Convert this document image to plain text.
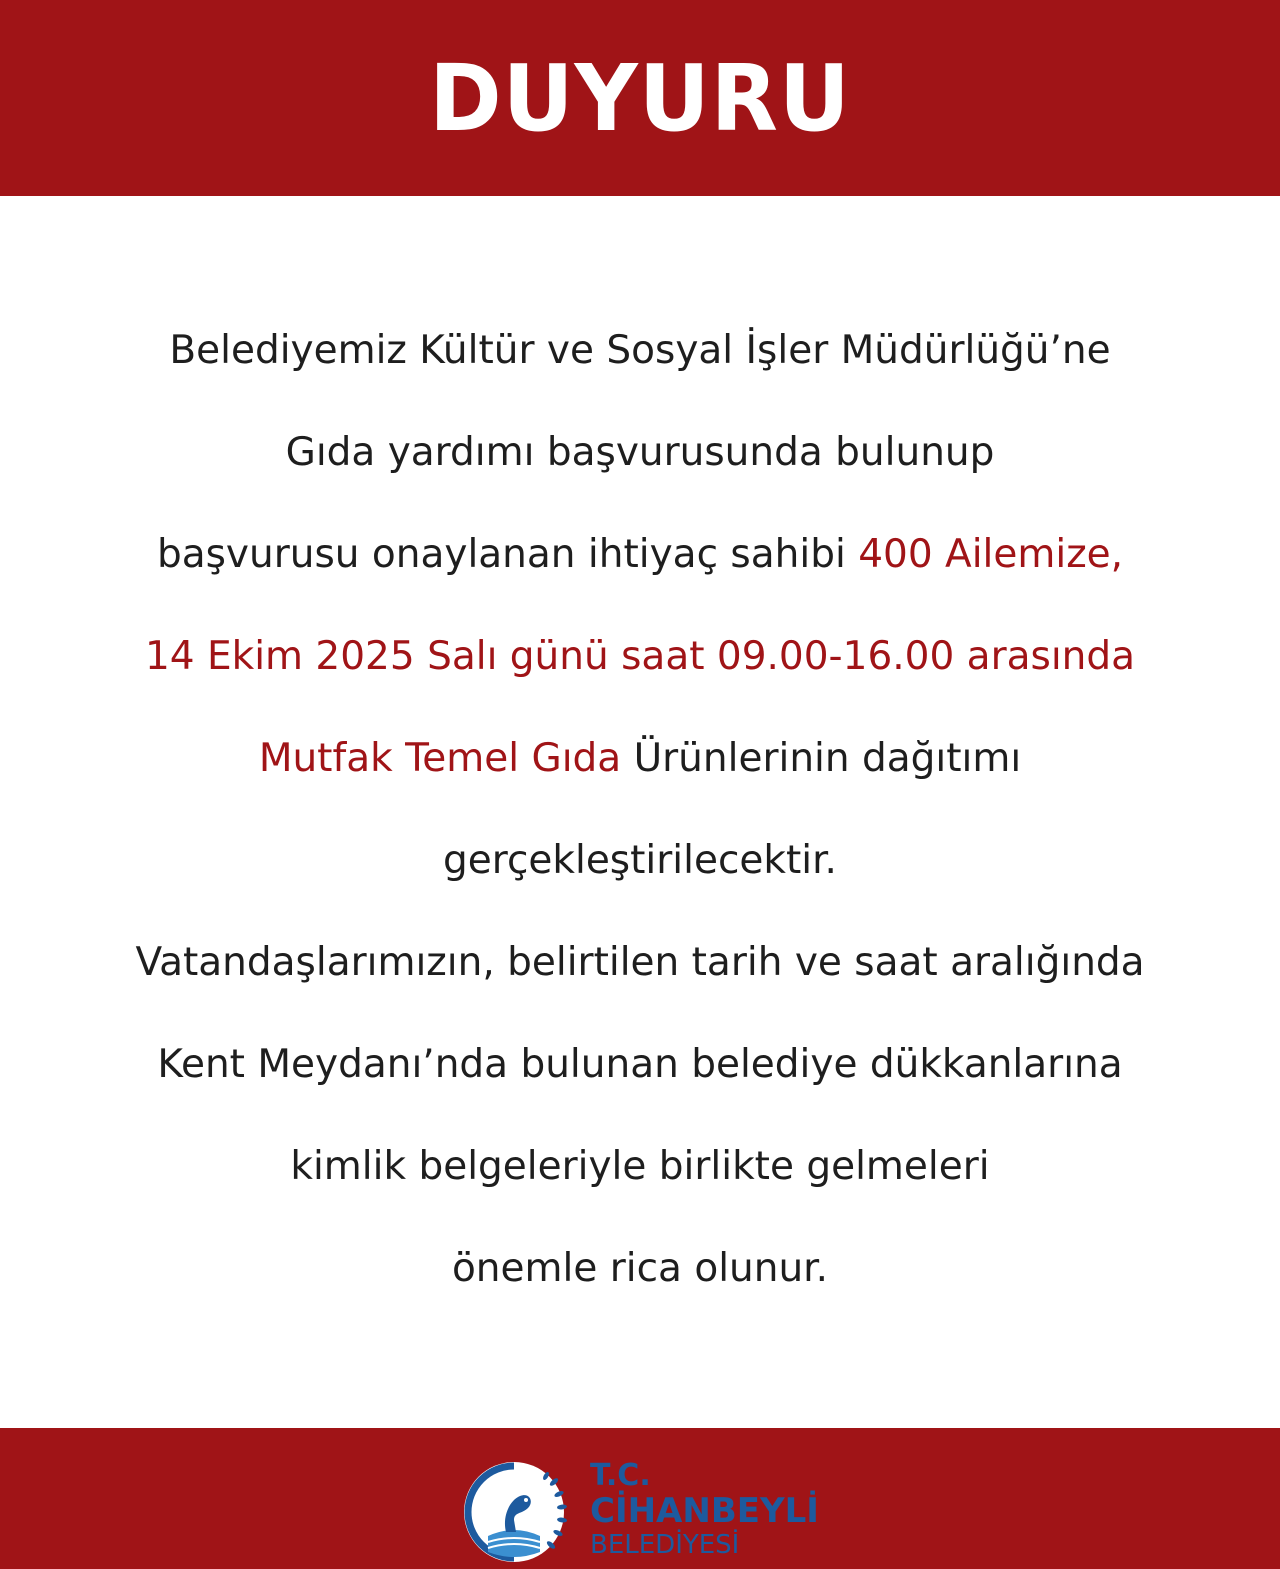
DUYURU
Belediyemiz Kültür ve Sosyal İşler Müdürlüğü’ne
Gıda yardımı başvurusunda bulunup
başvurusu onaylanan ihtiyaç sahibi 400 Ailemize,
14 Ekim 2025 Salı günü saat 09.00-16.00 arasında
Mutfak Temel Gıda Ürünlerinin dağıtımı
gerçekleştirilecektir.
Vatandaşlarımızın, belirtilen tarih ve saat aralığında
Kent Meydanı’nda bulunan belediye dükkanlarına
kimlik belgeleriyle birlikte gelmeleri
önemle rica olunur.
T.C.
CİHANBEYLİ
BELEDİYESİ
